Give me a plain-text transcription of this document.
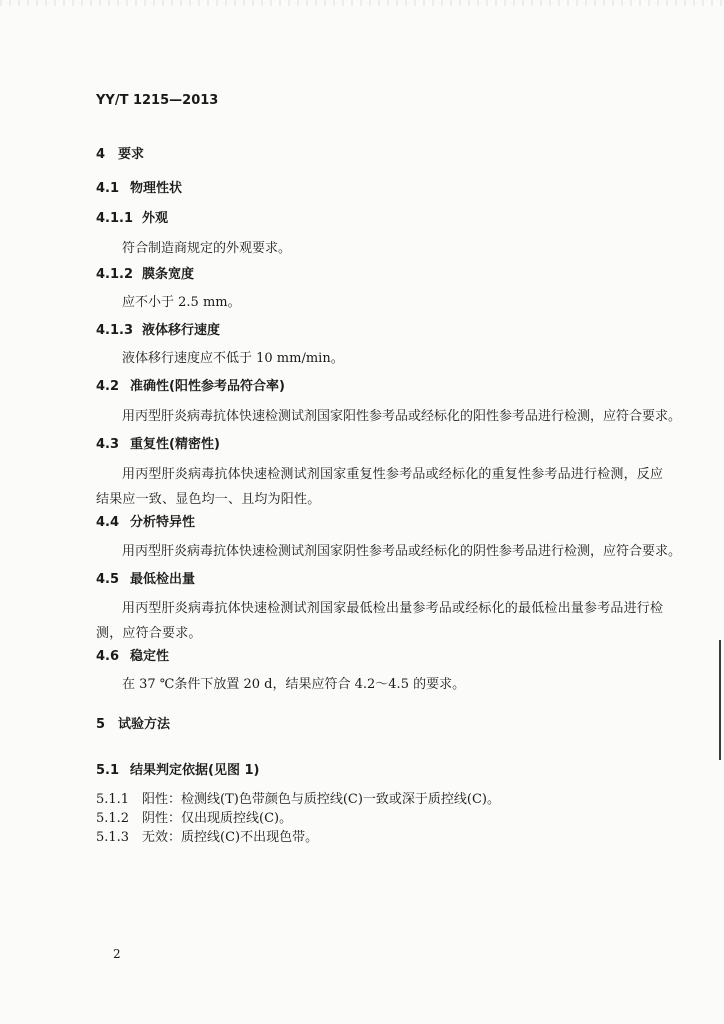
YY/T 1215—2013
4 要求
4.1 物理性状
4.1.1 外观
符合制造商规定的外观要求。
4.1.2 膜条宽度
应不小于 2.5 mm。
4.1.3 液体移行速度
液体移行速度应不低于 10 mm/min。
4.2 准确性(阳性参考品符合率)
用丙型肝炎病毒抗体快速检测试剂国家阳性参考品或经标化的阳性参考品进行检测，应符合要求。
4.3 重复性(精密性)
用丙型肝炎病毒抗体快速检测试剂国家重复性参考品或经标化的重复性参考品进行检测，反应结果应一致、显色均一、且均为阳性。
4.4 分析特异性
用丙型肝炎病毒抗体快速检测试剂国家阴性参考品或经标化的阴性参考品进行检测，应符合要求。
4.5 最低检出量
用丙型肝炎病毒抗体快速检测试剂国家最低检出量参考品或经标化的最低检出量参考品进行检测，应符合要求。
4.6 稳定性
在 37 ℃条件下放置 20 d，结果应符合 4.2～4.5 的要求。
5 试验方法
5.1 结果判定依据(见图 1)
5.1.1 阳性：检测线(T)色带颜色与质控线(C)一致或深于质控线(C)。
5.1.2 阴性：仅出现质控线(C)。
5.1.3 无效：质控线(C)不出现色带。
2
